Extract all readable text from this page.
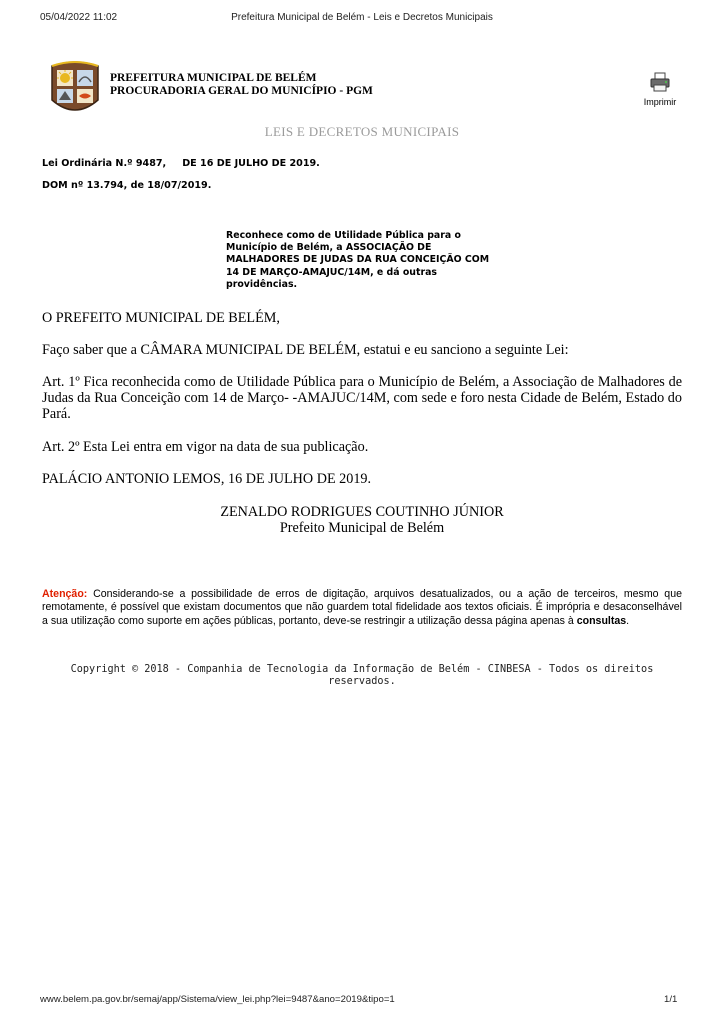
05/04/2022 11:02	Prefeitura Municipal de Belém - Leis e Decretos Municipais
PREFEITURA MUNICIPAL DE BELÉM
PROCURADORIA GERAL DO MUNICÍPIO - PGM
Imprimir
LEIS E DECRETOS MUNICIPAIS
Lei Ordinária N.º 9487, DE 16 DE JULHO DE 2019.
DOM nº 13.794, de 18/07/2019.
Reconhece como de Utilidade Pública para o Município de Belém, a ASSOCIAÇÃO DE MALHADORES DE JUDAS DA RUA CONCEIÇÃO COM 14 DE MARÇO-AMAJUC/14M, e dá outras providências.
O PREFEITO MUNICIPAL DE BELÉM,
Faço saber que a CÂMARA MUNICIPAL DE BELÉM, estatui e eu sanciono a seguinte Lei:
Art. 1º Fica reconhecida como de Utilidade Pública para o Município de Belém, a Associação de Malhadores de Judas da Rua Conceição com 14 de Março- -AMAJUC/14M, com sede e foro nesta Cidade de Belém, Estado do Pará.
Art. 2º Esta Lei entra em vigor na data de sua publicação.
PALÁCIO ANTONIO LEMOS, 16 DE JULHO DE 2019.
ZENALDO RODRIGUES COUTINHO JÚNIOR
Prefeito Municipal de Belém
Atenção: Considerando-se a possibilidade de erros de digitação, arquivos desatualizados, ou a ação de terceiros, mesmo que remotamente, é possível que existam documentos que não guardem total fidelidade aos textos oficiais. É imprópria e desaconselhável a sua utilização como suporte em ações públicas, portanto, deve-se restringir a utilização dessa página apenas à consultas.
Copyright © 2018 - Companhia de Tecnologia da Informação de Belém - CINBESA - Todos os direitos reservados.
www.belem.pa.gov.br/semaj/app/Sistema/view_lei.php?lei=9487&ano=2019&tipo=1	1/1
